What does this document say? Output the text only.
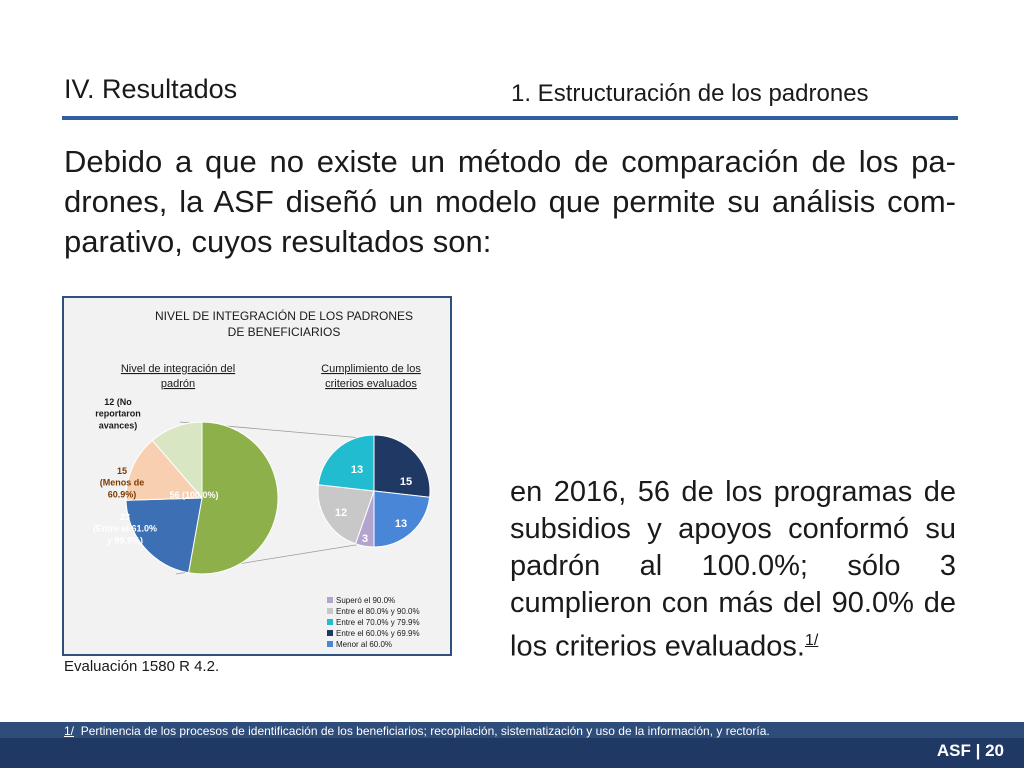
IV. Resultados	1. Estructuración de los padrones
Debido a que no existe un método de comparación de los pa-drones, la ASF diseñó un modelo que permite su análisis com-parativo, cuyos resultados son:
NIVEL DE INTEGRACIÓN DE LOS PADRONES
DE BENEFICIARIOS
Nivel de integración del
padrón
Cumplimiento de los
criterios evaluados
56 (100.0%)
23 (Entre el 61.0% y 99.9%)
15 (Menos de 60.9%)
12 (No reportaron avances)
15
13
3
12
13
Superó el 90.0%
Entre el 80.0% y 90.0%
Entre el 70.0% y 79.9%
Entre el 60.0% y 69.9%
Menor al 60.0%
Evaluación 1580 R 4.2.
en 2016, 56 de los programas de subsidios y apoyos conformó su padrón al 100.0%; sólo 3 cumplieron con más del 90.0% de los criterios evaluados.$^{1/}$
1/ Pertinencia de los procesos de identificación de los beneficiarios; recopilación, sistematización y uso de la información, y rectoría.
ASF | 20
